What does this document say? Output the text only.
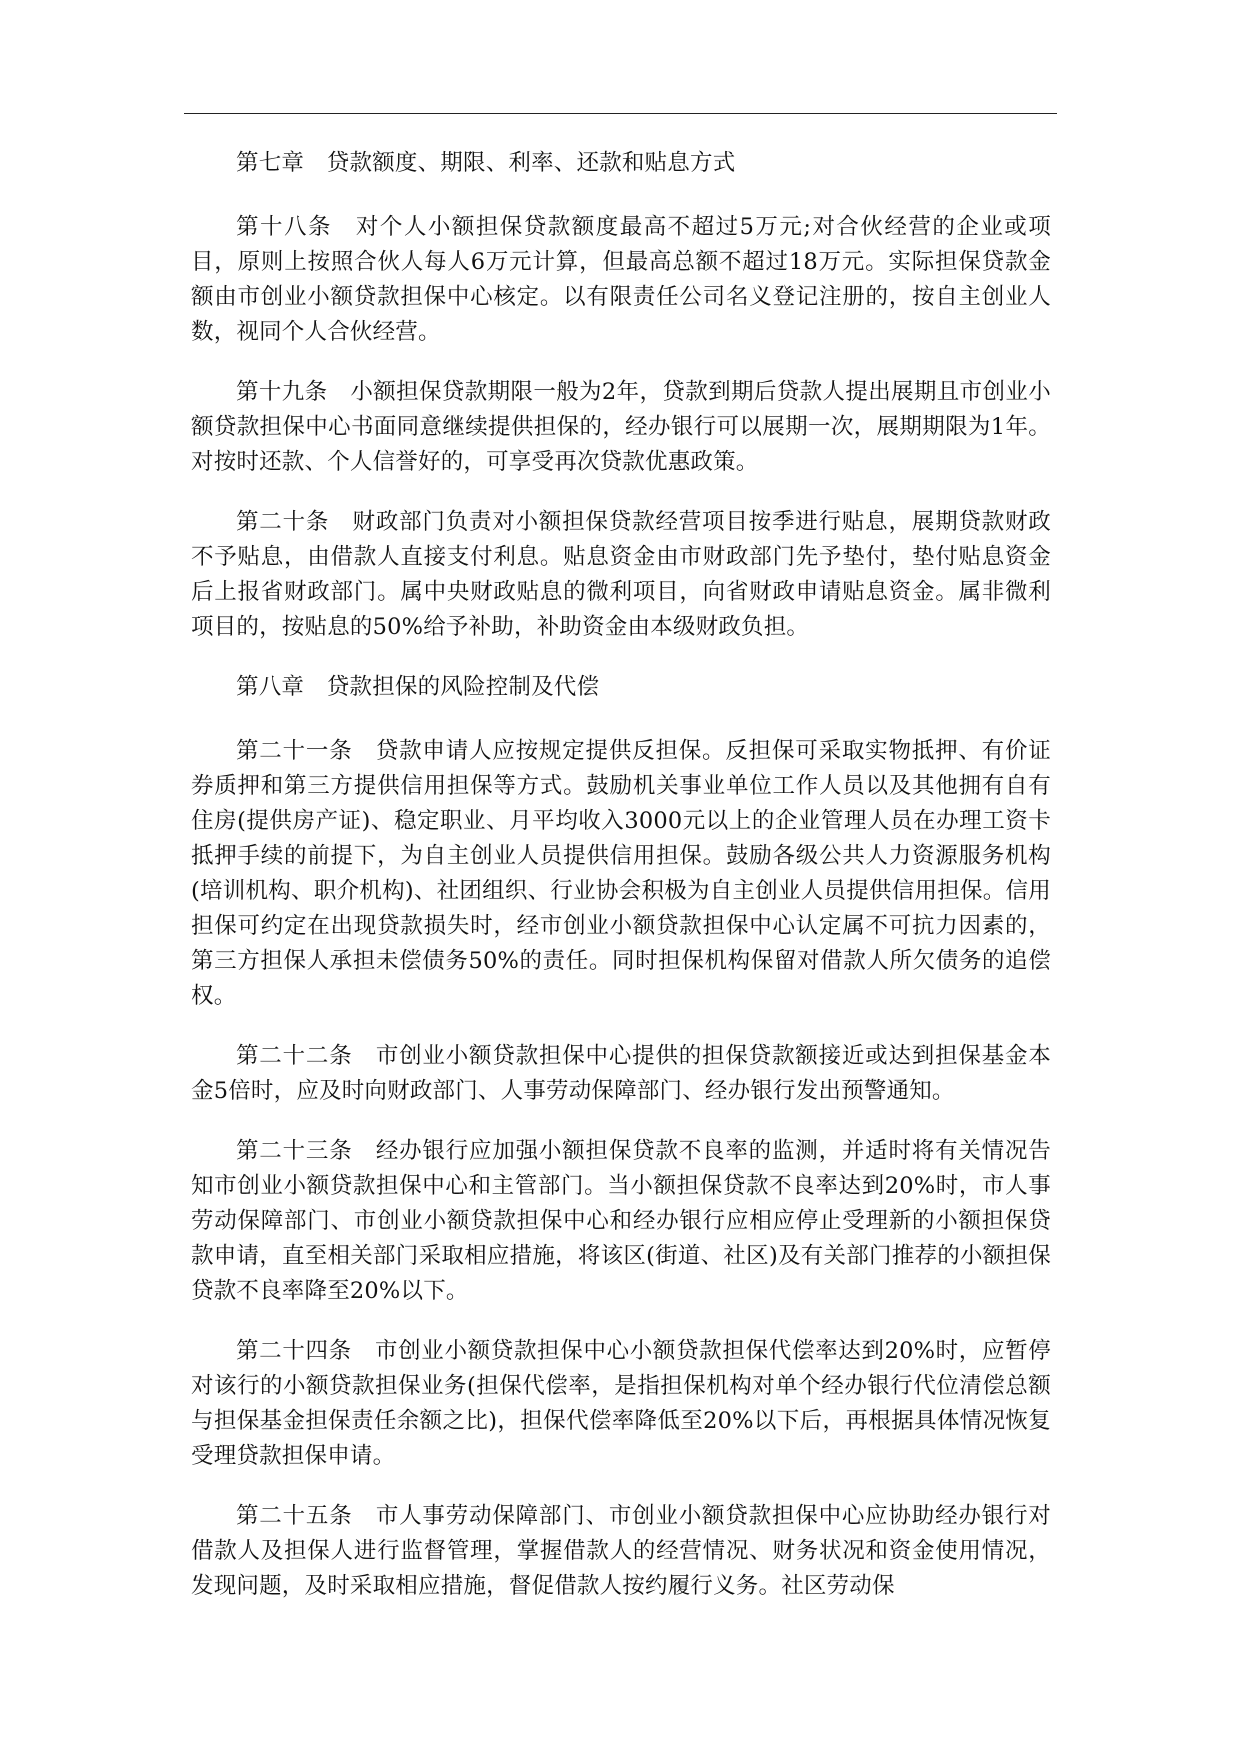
第七章　贷款额度、期限、利率、还款和贴息方式

第十八条　对个人小额担保贷款额度最高不超过5万元;对合伙经营的企业或项目，原则上按照合伙人每人6万元计算，但最高总额不超过18万元。实际担保贷款金额由市创业小额贷款担保中心核定。以有限责任公司名义登记注册的，按自主创业人数，视同个人合伙经营。

第十九条　小额担保贷款期限一般为2年，贷款到期后贷款人提出展期且市创业小额贷款担保中心书面同意继续提供担保的，经办银行可以展期一次，展期期限为1年。对按时还款、个人信誉好的，可享受再次贷款优惠政策。

第二十条　财政部门负责对小额担保贷款经营项目按季进行贴息，展期贷款财政不予贴息，由借款人直接支付利息。贴息资金由市财政部门先予垫付，垫付贴息资金后上报省财政部门。属中央财政贴息的微利项目，向省财政申请贴息资金。属非微利项目的，按贴息的50%给予补助，补助资金由本级财政负担。

第八章　贷款担保的风险控制及代偿

第二十一条　贷款申请人应按规定提供反担保。反担保可采取实物抵押、有价证券质押和第三方提供信用担保等方式。鼓励机关事业单位工作人员以及其他拥有自有住房(提供房产证)、稳定职业、月平均收入3000元以上的企业管理人员在办理工资卡抵押手续的前提下，为自主创业人员提供信用担保。鼓励各级公共人力资源服务机构(培训机构、职介机构)、社团组织、行业协会积极为自主创业人员提供信用担保。信用担保可约定在出现贷款损失时，经市创业小额贷款担保中心认定属不可抗力因素的，第三方担保人承担未偿债务50%的责任。同时担保机构保留对借款人所欠债务的追偿权。

第二十二条　市创业小额贷款担保中心提供的担保贷款额接近或达到担保基金本金5倍时，应及时向财政部门、人事劳动保障部门、经办银行发出预警通知。

第二十三条　经办银行应加强小额担保贷款不良率的监测，并适时将有关情况告知市创业小额贷款担保中心和主管部门。当小额担保贷款不良率达到20%时，市人事劳动保障部门、市创业小额贷款担保中心和经办银行应相应停止受理新的小额担保贷款申请，直至相关部门采取相应措施，将该区(街道、社区)及有关部门推荐的小额担保贷款不良率降至20%以下。

第二十四条　市创业小额贷款担保中心小额贷款担保代偿率达到20%时，应暂停对该行的小额贷款担保业务(担保代偿率，是指担保机构对单个经办银行代位清偿总额与担保基金担保责任余额之比)，担保代偿率降低至20%以下后，再根据具体情况恢复受理贷款担保申请。

第二十五条　市人事劳动保障部门、市创业小额贷款担保中心应协助经办银行对借款人及担保人进行监督管理，掌握借款人的经营情况、财务状况和资金使用情况，发现问题，及时采取相应措施，督促借款人按约履行义务。社区劳动保
